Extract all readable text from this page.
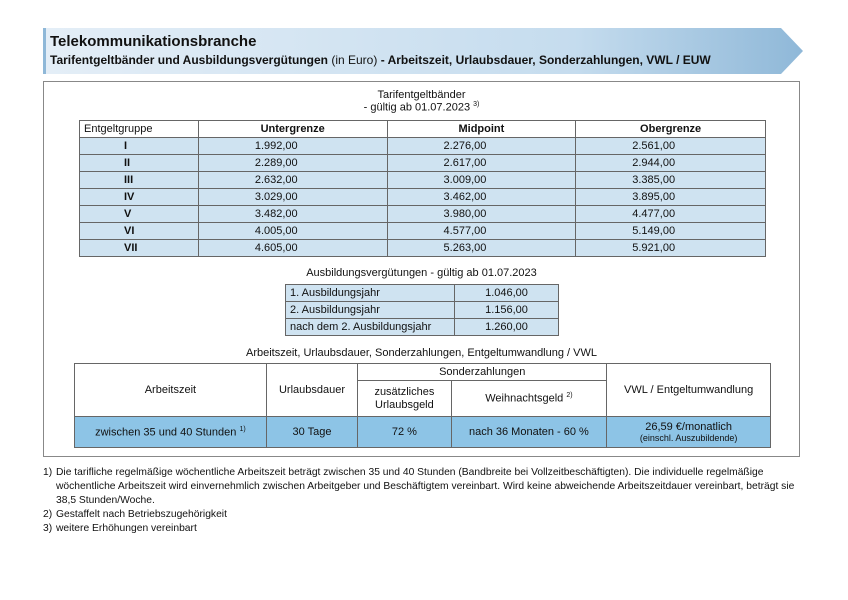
Telekommunikationsbranche
Tarifentgeltbänder und Ausbildungsvergütungen (in Euro) - Arbeitszeit, Urlaubsdauer, Sonderzahlungen, VWL / EUW
Tarifentgeltbänder
- gültig ab 01.07.2023 $^{3)}$
Entgeltgruppe	Untergrenze	Midpoint	Obergrenze
I	1.992,00	2.276,00	2.561,00
II	2.289,00	2.617,00	2.944,00
III	2.632,00	3.009,00	3.385,00
IV	3.029,00	3.462,00	3.895,00
V	3.482,00	3.980,00	4.477,00
VI	4.005,00	4.577,00	5.149,00
VII	4.605,00	5.263,00	5.921,00
Ausbildungsvergütungen - gültig ab 01.07.2023
1. Ausbildungsjahr	1.046,00
2. Ausbildungsjahr	1.156,00
nach dem 2. Ausbildungsjahr	1.260,00
Arbeitszeit, Urlaubsdauer, Sonderzahlungen, Entgeltumwandlung / VWL
Arbeitszeit	Urlaubsdauer	Sonderzahlungen		VWL / Entgeltumwandlung
		zusätzliches Urlaubsgeld	Weihnachtsgeld $^{2)}$
zwischen 35 und 40 Stunden $^{1)}$	30 Tage	72 %	nach 36 Monaten - 60 %	26,59 €/monatlich
(einschl. Auszubildende)
1) Die tarifliche regelmäßige wöchentliche Arbeitszeit beträgt zwischen 35 und 40 Stunden (Bandbreite bei Vollzeitbeschäftigten). Die individuelle regelmäßige wöchentliche Arbeitszeit wird einvernehmlich zwischen Arbeitgeber und Beschäftigtem vereinbart. Wird keine abweichende Arbeitszeitdauer vereinbart, beträgt sie 38,5 Stunden/Woche.
2) Gestaffelt nach Betriebszugehörigkeit
3) weitere Erhöhungen vereinbart
